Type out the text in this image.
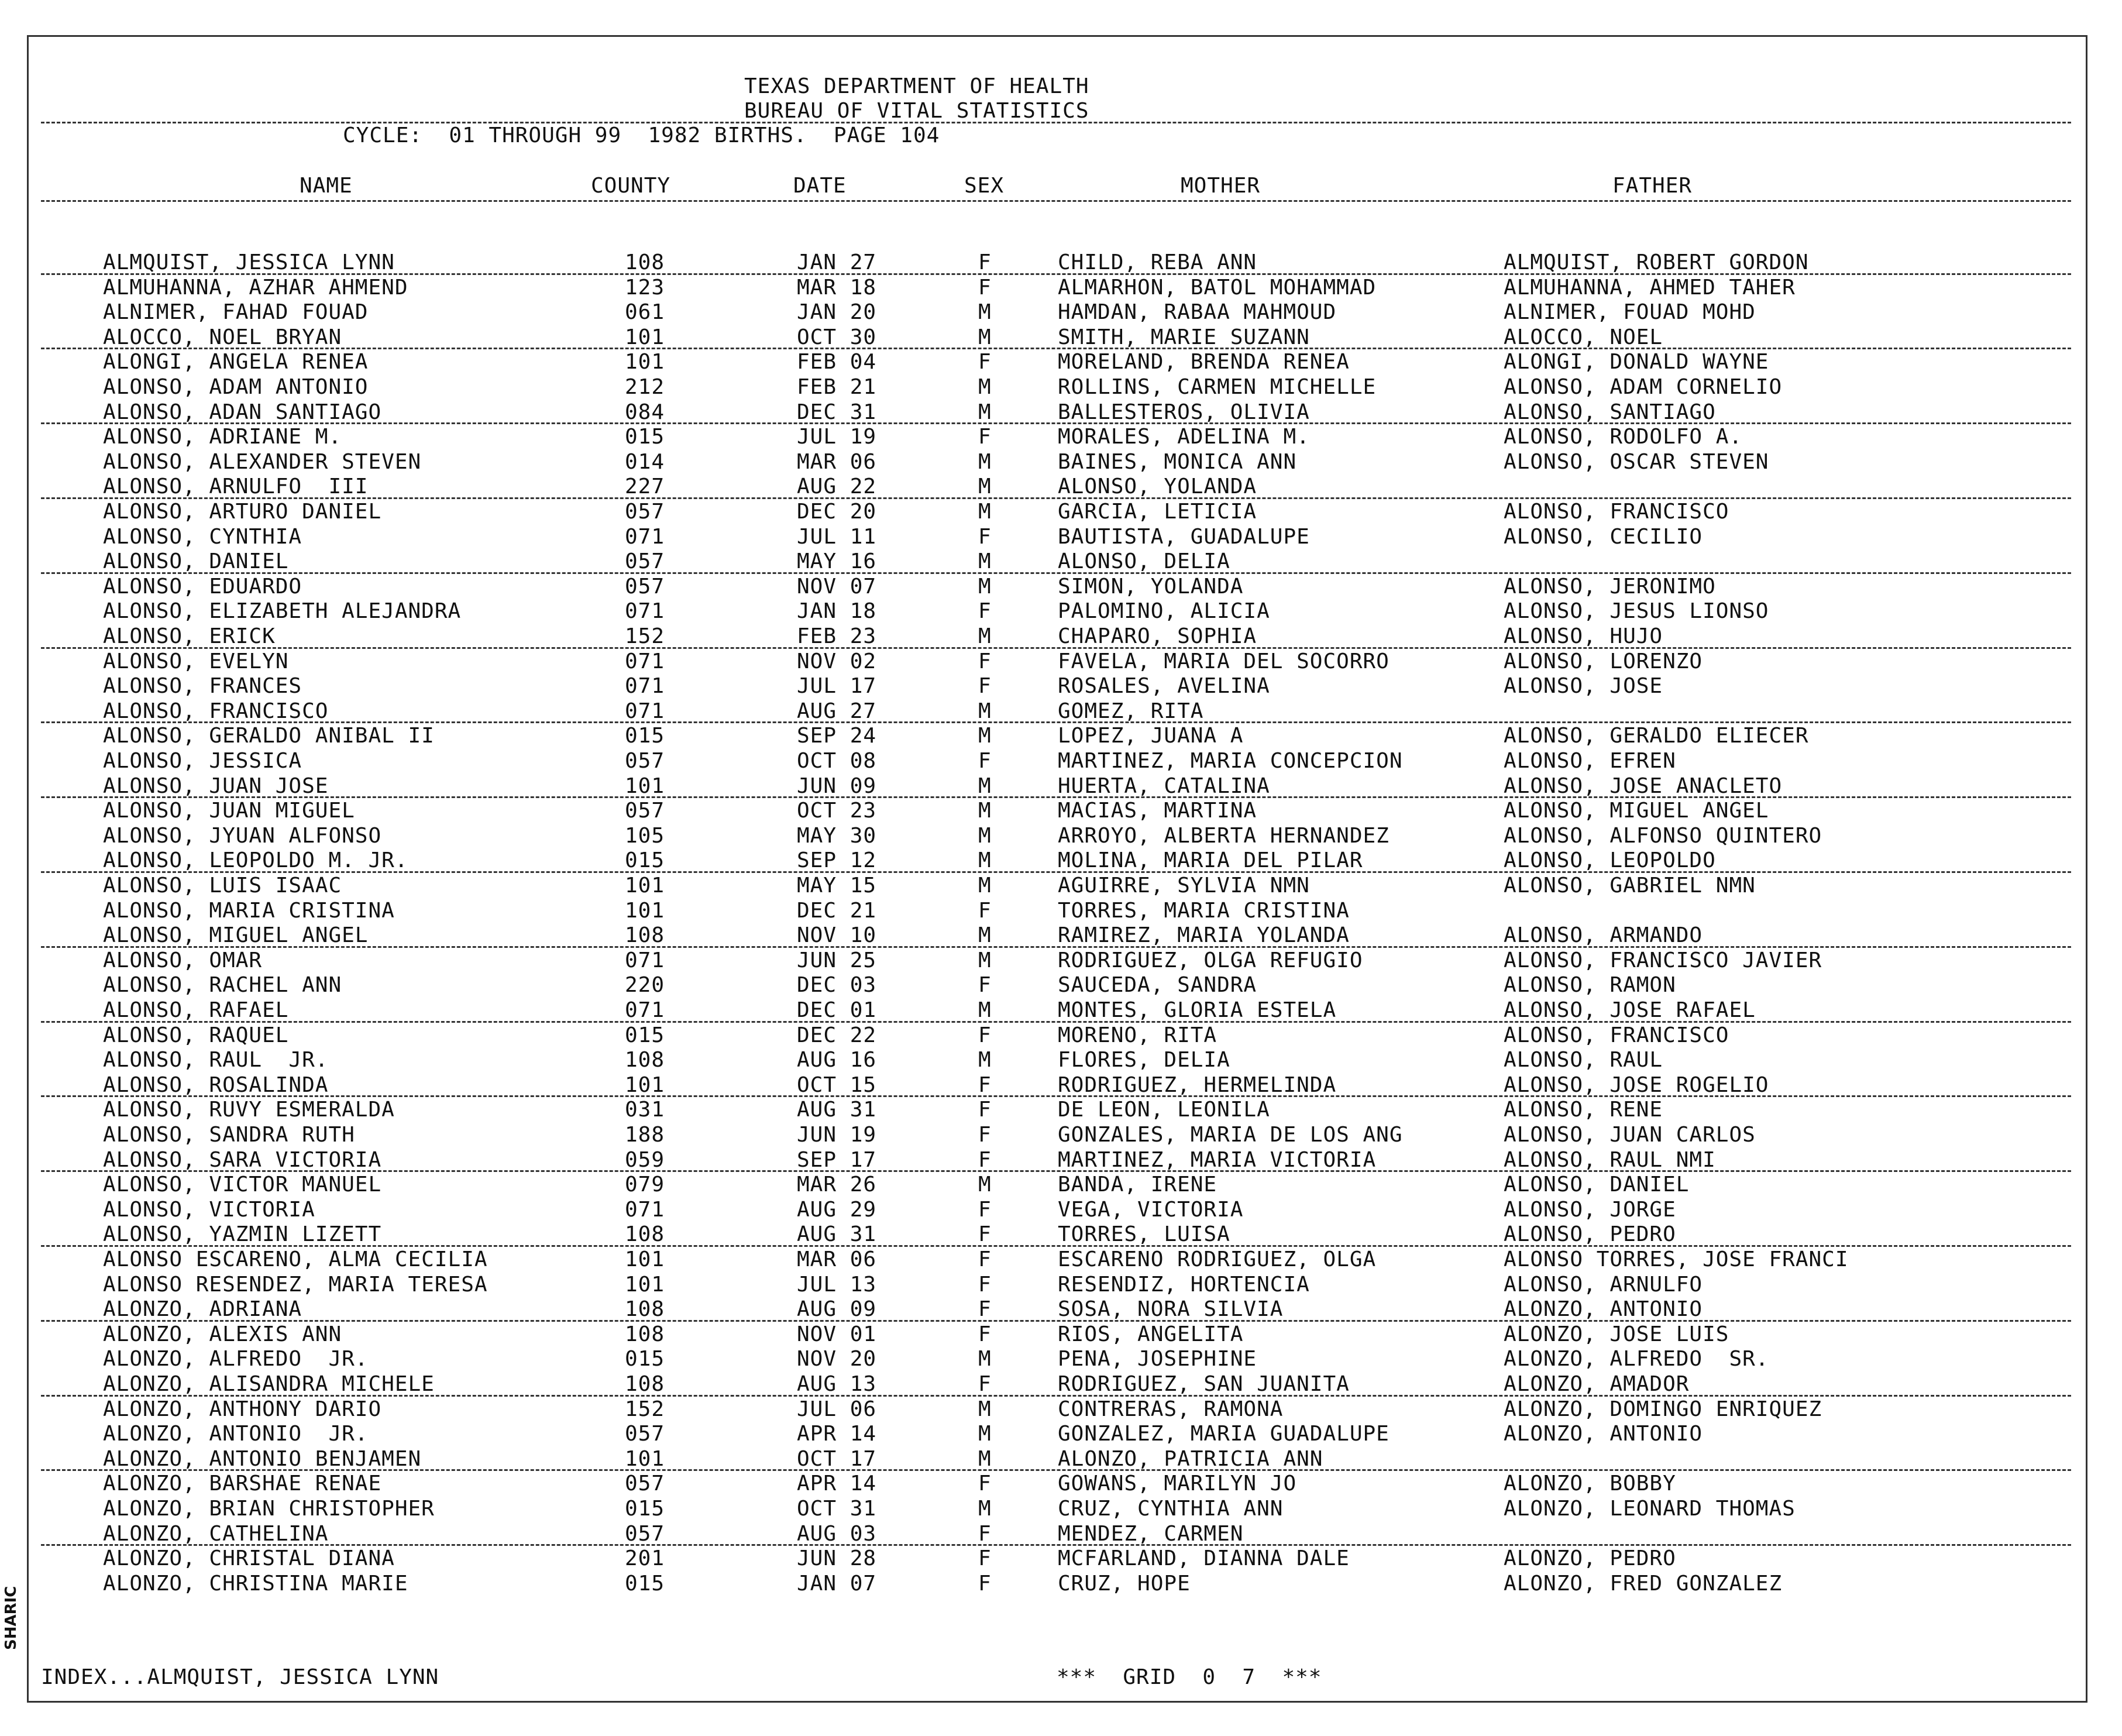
TEXAS DEPARTMENT OF HEALTH
BUREAU OF VITAL STATISTICS
CYCLE:  01 THROUGH 99  1982 BIRTHS.  PAGE 104
NAME	COUNTY	DATE	SEX	MOTHER	FATHER
ALMQUIST, JESSICA LYNN	108	JAN 27	F	CHILD, REBA ANN	ALMQUIST, ROBERT GORDON
ALMUHANNA, AZHAR AHMEND	123	MAR 18	F	ALMARHON, BATOL MOHAMMAD	ALMUHANNA, AHMED TAHER
ALNIMER, FAHAD FOUAD	061	JAN 20	M	HAMDAN, RABAA MAHMOUD	ALNIMER, FOUAD MOHD
ALOCCO, NOEL BRYAN	101	OCT 30	M	SMITH, MARIE SUZANN	ALOCCO, NOEL
ALONGI, ANGELA RENEA	101	FEB 04	F	MORELAND, BRENDA RENEA	ALONGI, DONALD WAYNE
ALONSO, ADAM ANTONIO	212	FEB 21	M	ROLLINS, CARMEN MICHELLE	ALONSO, ADAM CORNELIO
ALONSO, ADAN SANTIAGO	084	DEC 31	M	BALLESTEROS, OLIVIA	ALONSO, SANTIAGO
ALONSO, ADRIANE M.	015	JUL 19	F	MORALES, ADELINA M.	ALONSO, RODOLFO A.
ALONSO, ALEXANDER STEVEN	014	MAR 06	M	BAINES, MONICA ANN	ALONSO, OSCAR STEVEN
ALONSO, ARNULFO  III	227	AUG 22	M	ALONSO, YOLANDA
ALONSO, ARTURO DANIEL	057	DEC 20	M	GARCIA, LETICIA	ALONSO, FRANCISCO
ALONSO, CYNTHIA	071	JUL 11	F	BAUTISTA, GUADALUPE	ALONSO, CECILIO
ALONSO, DANIEL	057	MAY 16	M	ALONSO, DELIA
ALONSO, EDUARDO	057	NOV 07	M	SIMON, YOLANDA	ALONSO, JERONIMO
ALONSO, ELIZABETH ALEJANDRA	071	JAN 18	F	PALOMINO, ALICIA	ALONSO, JESUS LIONSO
ALONSO, ERICK	152	FEB 23	M	CHAPARO, SOPHIA	ALONSO, HUJO
ALONSO, EVELYN	071	NOV 02	F	FAVELA, MARIA DEL SOCORRO	ALONSO, LORENZO
ALONSO, FRANCES	071	JUL 17	F	ROSALES, AVELINA	ALONSO, JOSE
ALONSO, FRANCISCO	071	AUG 27	M	GOMEZ, RITA
ALONSO, GERALDO ANIBAL II	015	SEP 24	M	LOPEZ, JUANA A	ALONSO, GERALDO ELIECER
ALONSO, JESSICA	057	OCT 08	F	MARTINEZ, MARIA CONCEPCION	ALONSO, EFREN
ALONSO, JUAN JOSE	101	JUN 09	M	HUERTA, CATALINA	ALONSO, JOSE ANACLETO
ALONSO, JUAN MIGUEL	057	OCT 23	M	MACIAS, MARTINA	ALONSO, MIGUEL ANGEL
ALONSO, JYUAN ALFONSO	105	MAY 30	M	ARROYO, ALBERTA HERNANDEZ	ALONSO, ALFONSO QUINTERO
ALONSO, LEOPOLDO M. JR.	015	SEP 12	M	MOLINA, MARIA DEL PILAR	ALONSO, LEOPOLDO
ALONSO, LUIS ISAAC	101	MAY 15	M	AGUIRRE, SYLVIA NMN	ALONSO, GABRIEL NMN
ALONSO, MARIA CRISTINA	101	DEC 21	F	TORRES, MARIA CRISTINA
ALONSO, MIGUEL ANGEL	108	NOV 10	M	RAMIREZ, MARIA YOLANDA	ALONSO, ARMANDO
ALONSO, OMAR	071	JUN 25	M	RODRIGUEZ, OLGA REFUGIO	ALONSO, FRANCISCO JAVIER
ALONSO, RACHEL ANN	220	DEC 03	F	SAUCEDA, SANDRA	ALONSO, RAMON
ALONSO, RAFAEL	071	DEC 01	M	MONTES, GLORIA ESTELA	ALONSO, JOSE RAFAEL
ALONSO, RAQUEL	015	DEC 22	F	MORENO, RITA	ALONSO, FRANCISCO
ALONSO, RAUL  JR.	108	AUG 16	M	FLORES, DELIA	ALONSO, RAUL
ALONSO, ROSALINDA	101	OCT 15	F	RODRIGUEZ, HERMELINDA	ALONSO, JOSE ROGELIO
ALONSO, RUVY ESMERALDA	031	AUG 31	F	DE LEON, LEONILA	ALONSO, RENE
ALONSO, SANDRA RUTH	188	JUN 19	F	GONZALES, MARIA DE LOS ANG	ALONSO, JUAN CARLOS
ALONSO, SARA VICTORIA	059	SEP 17	F	MARTINEZ, MARIA VICTORIA	ALONSO, RAUL NMI
ALONSO, VICTOR MANUEL	079	MAR 26	M	BANDA, IRENE	ALONSO, DANIEL
ALONSO, VICTORIA	071	AUG 29	F	VEGA, VICTORIA	ALONSO, JORGE
ALONSO, YAZMIN LIZETT	108	AUG 31	F	TORRES, LUISA	ALONSO, PEDRO
ALONSO ESCARENO, ALMA CECILIA	101	MAR 06	F	ESCARENO RODRIGUEZ, OLGA	ALONSO TORRES, JOSE FRANCI
ALONSO RESENDEZ, MARIA TERESA	101	JUL 13	F	RESENDIZ, HORTENCIA	ALONSO, ARNULFO
ALONZO, ADRIANA	108	AUG 09	F	SOSA, NORA SILVIA	ALONZO, ANTONIO
ALONZO, ALEXIS ANN	108	NOV 01	F	RIOS, ANGELITA	ALONZO, JOSE LUIS
ALONZO, ALFREDO  JR.	015	NOV 20	M	PENA, JOSEPHINE	ALONZO, ALFREDO  SR.
ALONZO, ALISANDRA MICHELE	108	AUG 13	F	RODRIGUEZ, SAN JUANITA	ALONZO, AMADOR
ALONZO, ANTHONY DARIO	152	JUL 06	M	CONTRERAS, RAMONA	ALONZO, DOMINGO ENRIQUEZ
ALONZO, ANTONIO  JR.	057	APR 14	M	GONZALEZ, MARIA GUADALUPE	ALONZO, ANTONIO
ALONZO, ANTONIO BENJAMEN	101	OCT 17	M	ALONZO, PATRICIA ANN
ALONZO, BARSHAE RENAE	057	APR 14	F	GOWANS, MARILYN JO	ALONZO, BOBBY
ALONZO, BRIAN CHRISTOPHER	015	OCT 31	M	CRUZ, CYNTHIA ANN	ALONZO, LEONARD THOMAS
ALONZO, CATHELINA	057	AUG 03	F	MENDEZ, CARMEN
ALONZO, CHRISTAL DIANA	201	JUN 28	F	MCFARLAND, DIANNA DALE	ALONZO, PEDRO
ALONZO, CHRISTINA MARIE	015	JAN 07	F	CRUZ, HOPE	ALONZO, FRED GONZALEZ
INDEX...ALMQUIST, JESSICA LYNN	***  GRID  0  7  ***
SHARIC
